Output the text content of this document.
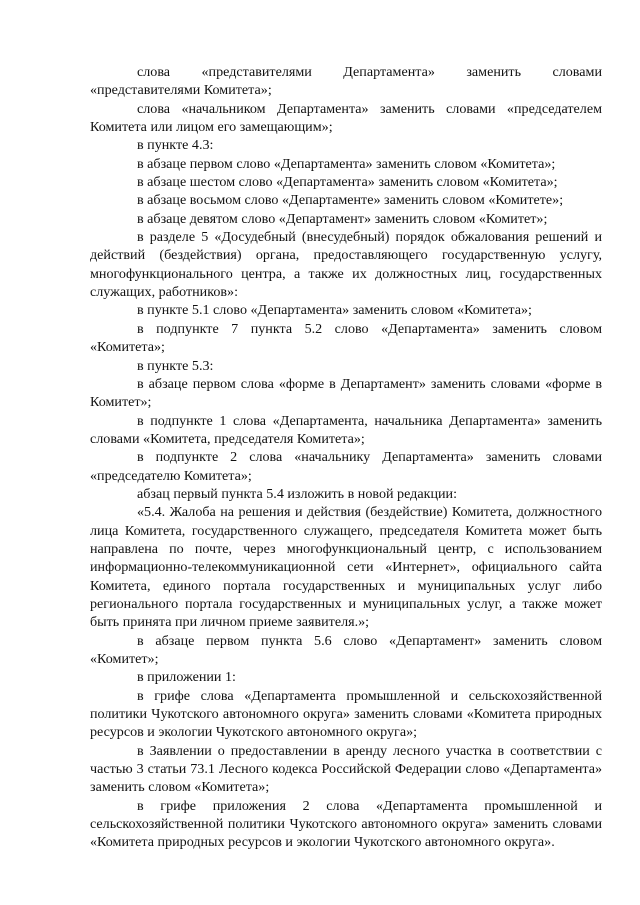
слова «представителями Департамента» заменить словами «представителями Комитета»;

слова «начальником Департамента» заменить словами «председателем Комитета или лицом его замещающим»;

в пункте 4.3:

в абзаце первом слово «Департамента» заменить словом «Комитета»;

в абзаце шестом слово «Департамента» заменить словом «Комитета»;

в абзаце восьмом слово «Департаменте» заменить словом «Комитете»;

в абзаце девятом слово «Департамент» заменить словом «Комитет»;

в разделе 5 «Досудебный (внесудебный) порядок обжалования решений и действий (бездействия) органа, предоставляющего государственную услугу, многофункционального центра, а также их должностных лиц, государственных служащих, работников»:

в пункте 5.1 слово «Департамента» заменить словом «Комитета»;

в подпункте 7 пункта 5.2 слово «Департамента» заменить словом «Комитета»;

в пункте 5.3:

в абзаце первом слова «форме в Департамент» заменить словами «форме в Комитет»;

в подпункте 1 слова «Департамента, начальника Департамента» заменить словами «Комитета, председателя Комитета»;

в подпункте 2 слова «начальнику Департамента» заменить словами «председателю Комитета»;

абзац первый пункта 5.4 изложить в новой редакции:

«5.4. Жалоба на решения и действия (бездействие) Комитета, должностного лица Комитета, государственного служащего, председателя Комитета может быть направлена по почте, через многофункциональный центр, с использованием информационно-телекоммуникационной сети «Интернет», официального сайта Комитета, единого портала государственных и муниципальных услуг либо регионального портала государственных и муниципальных услуг, а также может быть принята при личном приеме заявителя.»;

в абзаце первом пункта 5.6 слово «Департамент» заменить словом «Комитет»;

в приложении 1:

в грифе слова «Департамента промышленной и сельскохозяйственной политики Чукотского автономного округа» заменить словами «Комитета природных ресурсов и экологии Чукотского автономного округа»;

в Заявлении о предоставлении в аренду лесного участка в соответствии с частью 3 статьи 73.1 Лесного кодекса Российской Федерации слово «Департамента» заменить словом «Комитета»;

в грифе приложения 2 слова «Департамента промышленной и сельскохозяйственной политики Чукотского автономного округа» заменить словами «Комитета природных ресурсов и экологии Чукотского автономного округа».
